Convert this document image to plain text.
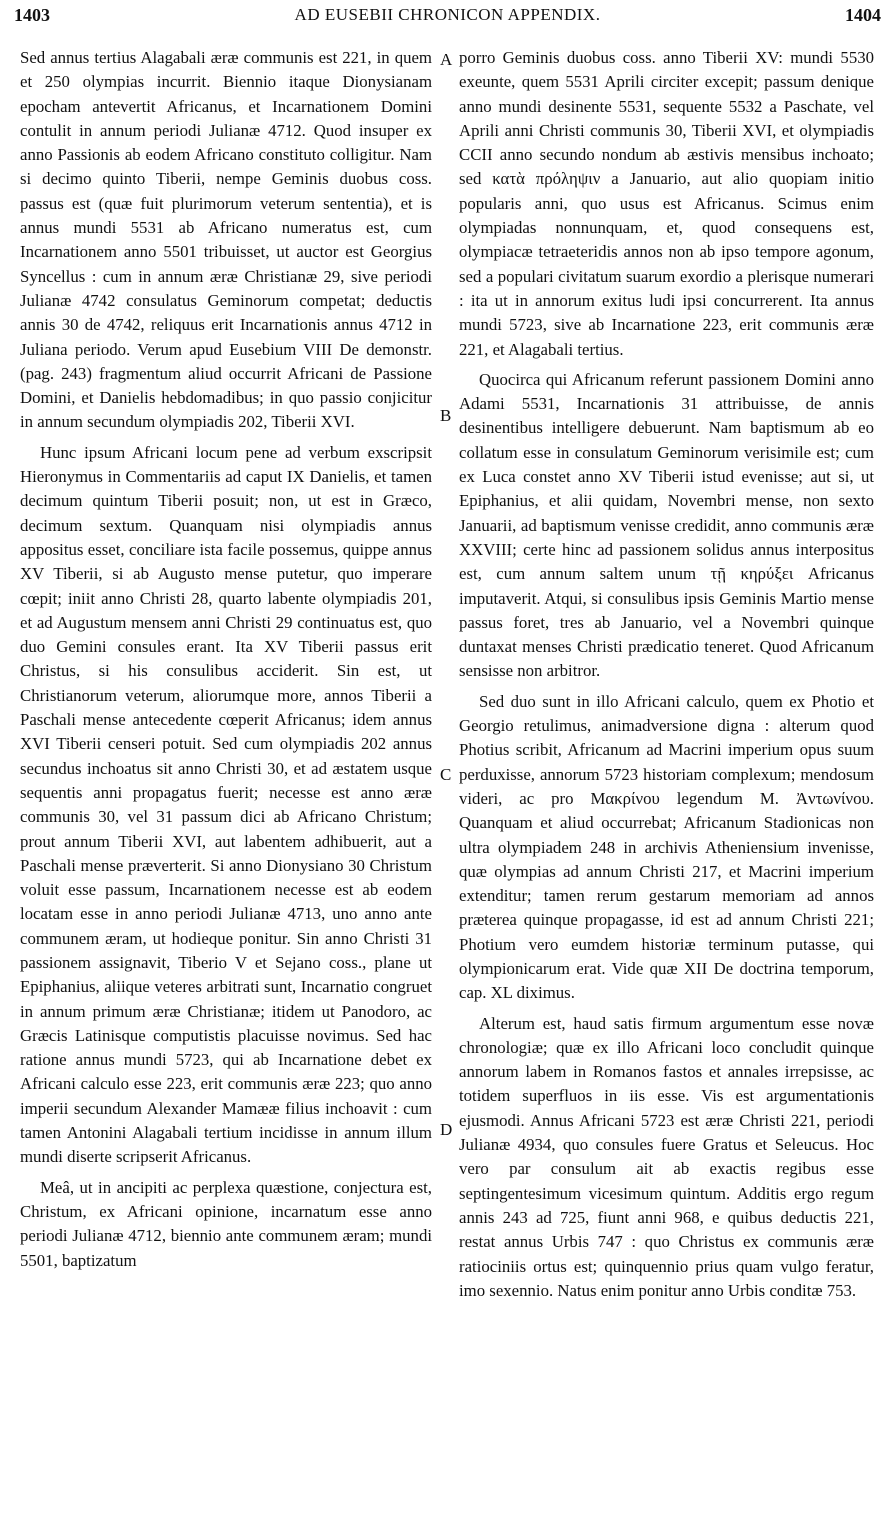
1403	AD EUSEBII CHRONICON APPENDIX.	1404
A
B
C
D

Sed annus tertius Alagabali æræ communis est 221, in quem et 250 olympias incurrit. Biennio itaque Dionysianam epocham antevertit Africanus, et Incarnationem Domini contulit in annum periodi Julianæ 4712. Quod insuper ex anno Passionis ab eodem Africano constituto colligitur. Nam si decimo quinto Tiberii, nempe Geminis duobus coss. passus est (quæ fuit plurimorum veterum sententia), et is annus mundi 5531 ab Africano numeratus est, cum Incarnationem anno 5501 tribuisset, ut auctor est Georgius Syncellus : cum in annum æræ Christianæ 29, sive periodi Julianæ 4742 consulatus Geminorum competat; deductis annis 30 de 4742, reliquus erit Incarnationis annus 4712 in Juliana periodo. Verum apud Eusebium VIII De demonstr. (pag. 243) fragmentum aliud occurrit Africani de Passione Domini, et Danielis hebdomadibus; in quo passio conjicitur in annum secundum olympiadis 202, Tiberii XVI.

Hunc ipsum Africani locum pene ad verbum exscripsit Hieronymus in Commentariis ad caput IX Danielis, et tamen decimum quintum Tiberii posuit; non, ut est in Græco, decimum sextum. Quanquam nisi olympiadis annus appositus esset, conciliare ista facile possemus, quippe annus XV Tiberii, si ab Augusto mense putetur, quo imperare cœpit; iniit anno Christi 28, quarto labente olympiadis 201, et ad Augustum mensem anni Christi 29 continuatus est, quo duo Gemini consules erant. Ita XV Tiberii passus erit Christus, si his consulibus acciderit. Sin est, ut Christianorum veterum, aliorumque more, annos Tiberii a Paschali mense antecedente cœperit Africanus; idem annus XVI Tiberii censeri potuit. Sed cum olympiadis 202 annus secundus inchoatus sit anno Christi 30, et ad æstatem usque sequentis anni propagatus fuerit; necesse est anno æræ communis 30, vel 31 passum dici ab Africano Christum; prout annum Tiberii XVI, aut labentem adhibuerit, aut a Paschali mense præverterit. Si anno Dionysiano 30 Christum voluit esse passum, Incarnationem necesse est ab eodem locatam esse in anno periodi Julianæ 4713, uno anno ante communem æram, ut hodieque ponitur. Sin anno Christi 31 passionem assignavit, Tiberio V et Sejano coss., plane ut Epiphanius, aliique veteres arbitrati sunt, Incarnatio congruet in annum primum æræ Christianæ; itidem ut Panodoro, ac Græcis Latinisque computistis placuisse novimus. Sed hac ratione annus mundi 5723, qui ab Incarnatione debet ex Africani calculo esse 223, erit communis æræ 223; quo anno imperii secundum Alexander Mamææ filius inchoavit : cum tamen Antonini Alagabali tertium incidisse in annum illum mundi diserte scripserit Africanus.

Meâ, ut in ancipiti ac perplexa quæstione, conjectura est, Christum, ex Africani opinione, incarnatum esse anno periodi Julianæ 4712, biennio ante communem æram; mundi 5501, baptizatum

porro Geminis duobus coss. anno Tiberii XV: mundi 5530 exeunte, quem 5531 Aprili circiter excepit; passum denique anno mundi desinente 5531, sequente 5532 a Paschate, vel Aprili anni Christi communis 30, Tiberii XVI, et olympiadis CCII anno secundo nondum ab æstivis mensibus inchoato; sed κατὰ πρόληψιν a Januario, aut alio quopiam initio popularis anni, quo usus est Africanus. Scimus enim olympiadas nonnunquam, et, quod consequens est, olympiacæ tetraeteridis annos non ab ipso tempore agonum, sed a populari civitatum suarum exordio a plerisque numerari : ita ut in annorum exitus ludi ipsi concurrerent. Ita annus mundi 5723, sive ab Incarnatione 223, erit communis æræ 221, et Alagabali tertius.

Quocirca qui Africanum referunt passionem Domini anno Adami 5531, Incarnationis 31 attribuisse, de annis desinentibus intelligere debuerunt. Nam baptismum ab eo collatum esse in consulatum Geminorum verisimile est; cum ex Luca constet anno XV Tiberii istud evenisse; aut si, ut Epiphanius, et alii quidam, Novembri mense, non sexto Januarii, ad baptismum venisse credidit, anno communis æræ XXVIII; certe hinc ad passionem solidus annus interpositus est, cum annum saltem unum τῇ κηρύξει Africanus imputaverit. Atqui, si consulibus ipsis Geminis Martio mense passus foret, tres ab Januario, vel a Novembri quinque duntaxat menses Christi prædicatio teneret. Quod Africanum sensisse non arbitror.

Sed duo sunt in illo Africani calculo, quem ex Photio et Georgio retulimus, animadversione digna : alterum quod Photius scribit, Africanum ad Macrini imperium opus suum perduxisse, annorum 5723 historiam complexum; mendosum videri, ac pro Μακρίνου legendum M. Ἀντωνίνου. Quanquam et aliud occurrebat; Africanum Stadionicas non ultra olympiadem 248 in archivis Atheniensium invenisse, quæ olympias ad annum Christi 217, et Macrini imperium extenditur; tamen rerum gestarum memoriam ad annos præterea quinque propagasse, id est ad annum Christi 221; Photium vero eumdem historiæ terminum putasse, qui olympionicarum erat. Vide quæ XII De doctrina temporum, cap. XL diximus.

Alterum est, haud satis firmum argumentum esse novæ chronologiæ; quæ ex illo Africani loco concludit quinque annorum labem in Romanos fastos et annales irrepsisse, ac totidem superfluos in iis esse. Vis est argumentationis ejusmodi. Annus Africani 5723 est æræ Christi 221, periodi Julianæ 4934, quo consules fuere Gratus et Seleucus. Hoc vero par consulum ait ab exactis regibus esse septingentesimum vicesimum quintum. Additis ergo regum annis 243 ad 725, fiunt anni 968, e quibus deductis 221, restat annus Urbis 747 : quo Christus ex communis æræ ratiociniis ortus est; quinquennio prius quam vulgo feratur, imo sexennio. Natus enim ponitur anno Urbis conditæ 753.
